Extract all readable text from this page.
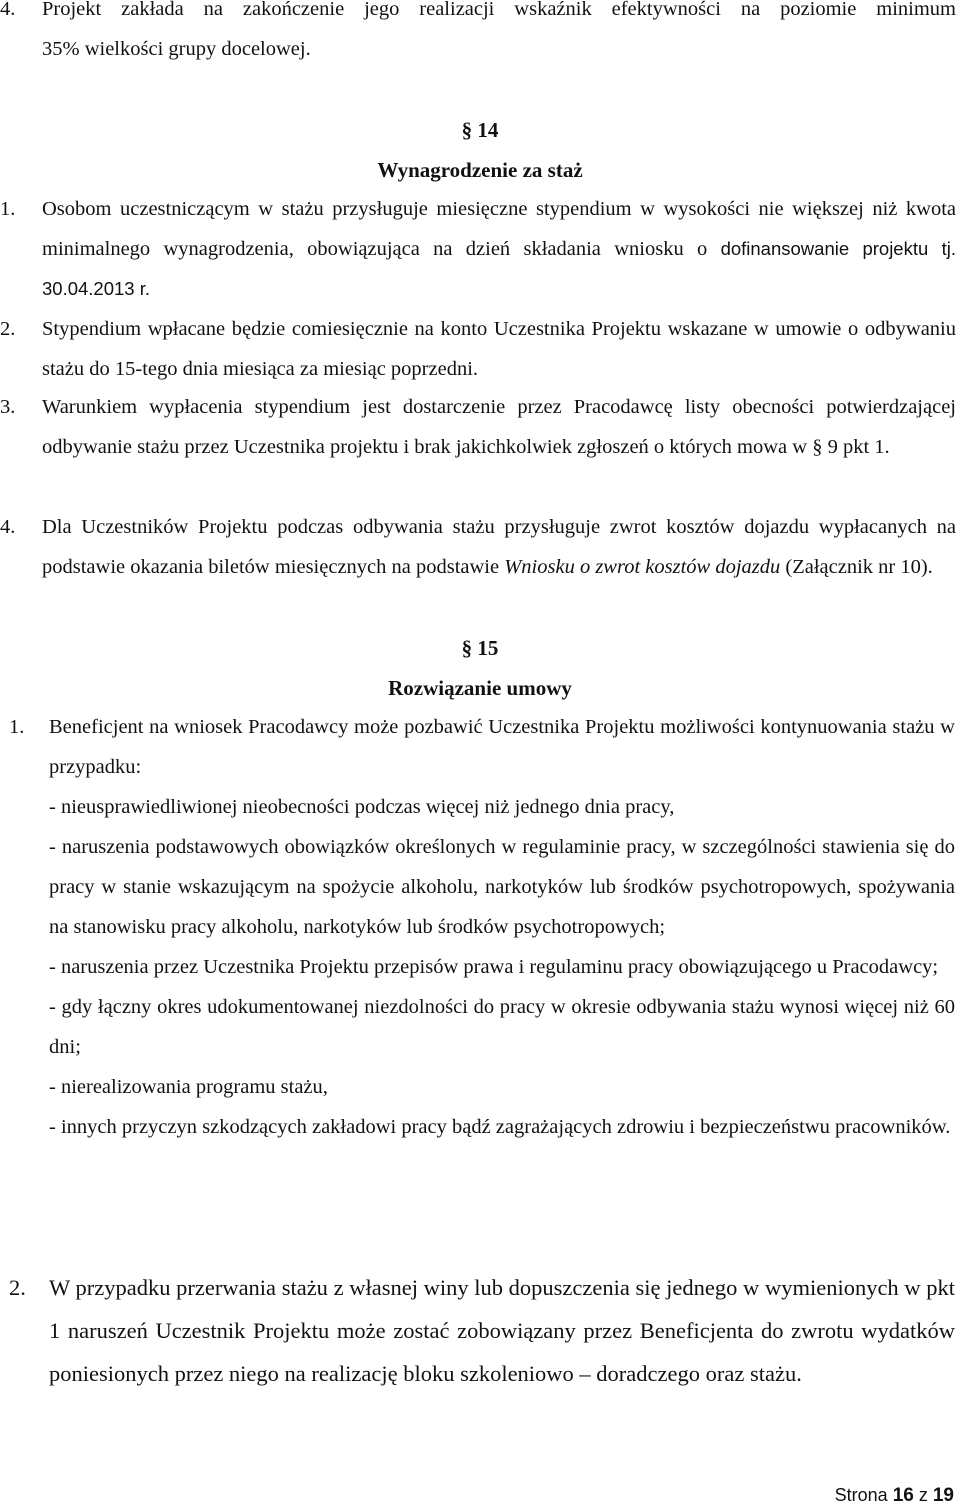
4. Projekt zakłada na zakończenie jego realizacji wskaźnik efektywności na poziomie minimum
35% wielkości grupy docelowej.
§ 14
Wynagrodzenie za staż
1. Osobom uczestniczącym w stażu przysługuje miesięczne stypendium w wysokości nie większej niż kwota minimalnego wynagrodzenia, obowiązująca na dzień składania wniosku o dofinansowanie projektu tj. 30.04.2013 r.
2. Stypendium wpłacane będzie comiesięcznie na konto Uczestnika Projektu wskazane w umowie o odbywaniu stażu do 15-tego dnia miesiąca za miesiąc poprzedni.
3. Warunkiem wypłacenia stypendium jest dostarczenie przez Pracodawcę listy obecności potwierdzającej odbywanie stażu przez Uczestnika projektu i brak jakichkolwiek zgłoszeń o których mowa w § 9 pkt 1.
4. Dla Uczestników Projektu podczas odbywania stażu przysługuje zwrot kosztów dojazdu wypłacanych na podstawie okazania biletów miesięcznych na podstawie Wniosku o zwrot kosztów dojazdu (Załącznik nr 10).
§ 15
Rozwiązanie umowy
1. Beneficjent na wniosek Pracodawcy może pozbawić Uczestnika Projektu możliwości kontynuowania stażu w przypadku:

- nieusprawiedliwionej nieobecności podczas więcej niż jednego dnia pracy,

- naruszenia podstawowych obowiązków określonych w regulaminie pracy, w szczególności stawienia się do pracy w stanie wskazującym na spożycie alkoholu, narkotyków lub środków psychotropowych, spożywania na stanowisku pracy alkoholu, narkotyków lub środków psychotropowych;

- naruszenia przez Uczestnika Projektu przepisów prawa i regulaminu pracy obowiązującego u Pracodawcy;

- gdy łączny okres udokumentowanej niezdolności do pracy w okresie odbywania stażu wynosi więcej niż 60 dni;

- nierealizowania programu stażu,

- innych przyczyn szkodzących zakładowi pracy bądź zagrażających zdrowiu i bezpieczeństwu pracowników.

2. W przypadku przerwania stażu z własnej winy lub dopuszczenia się jednego w wymienionych w pkt 1 naruszeń Uczestnik Projektu może zostać zobowiązany przez Beneficjenta do zwrotu wydatków poniesionych przez niego na realizację bloku szkoleniowo – doradczego oraz stażu.
Strona 16 z 19
